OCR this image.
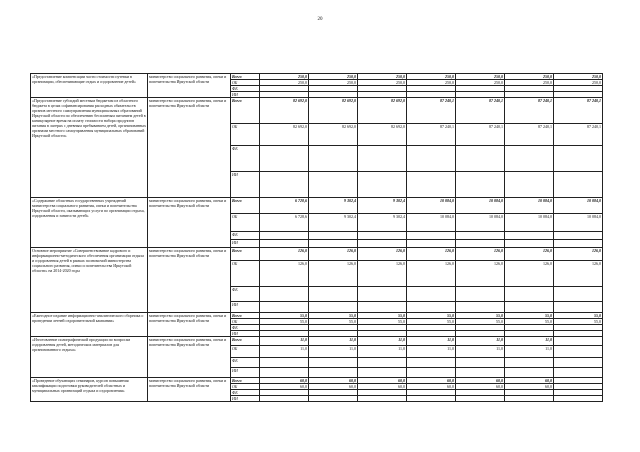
20
«Предоставление компенсации части стоимости путевки в организации, обеспечивающие отдых и оздоровление детей»	министерство социального развития, опеки и попечительства Иркутской области	Всего	250,0	250,0	250,0	250,0	250,0	250,0	250,0
		ОБ	250,0	250,0	250,0	250,0	250,0	250,0	250,0
		ФБ							
		ИИ							
«Предоставление субсидий местным бюджетам из областного бюджета в целях софинансирования расходных обязательств органов местного самоуправления муниципальных образований Иркутской области по обеспечению бесплатным питанием детей в каникулярное время на оплату стоимости набора продуктов питания в лагерях с дневным пребыванием детей, организованных органами местного самоуправления муниципальных образований Иркутской области»	министерство социального развития, опеки и попечительства Иркутской области	Всего	82 692,0	82 692,0	82 692,0	87 240,1	87 240,1	87 240,1	87 240,1
		ОБ	82 692,0	82 692,0	82 692,0	87 240,1	87 240,1	87 240,1	87 240,1
		ФБ							
		ИИ							
«Содержание областных государственных учреждений министерства социального развития, опеки и попечительства Иркутской области, оказывающих услуги по организации отдыха, оздоровления и занятости детей»	министерство социального развития, опеки и попечительства Иркутской области	Всего	6 728,6	9 302,4	9 302,4	10 084,0	10 084,0	10 084,0	10 084,0
		ОБ	6 728,6	9 302,4	9 302,4	10 084,0	10 084,0	10 084,0	10 084,0
		ФБ							
		ИИ							
Основное мероприятие «Совершенствование кадрового и информационно-методического обеспечения организации отдыха и оздоровления детей в рамках полномочий министерства социального развития, опеки и попечительства Иркутской области» на 2014-2020 годы	министерство социального развития, опеки и попечительства Иркутской области	Всего	126,0	126,0	126,0	126,0	126,0	126,0	126,0
		ОБ	126,0	126,0	126,0	126,0	126,0	126,0	126,0
		ФБ							
		ИИ							
«Ежегодное издание информационно-аналитического сборника о проведении летней оздоровительной кампании»	министерство социального развития, опеки и попечительства Иркутской области	Всего	55,0	55,0	55,0	55,0	55,0	55,0	55,0
		ОБ	55,0	55,0	55,0	55,0	55,0	55,0	55,0
		ФБ							
		ИИ							
«Изготовление полиграфической продукции по вопросам оздоровления детей, методических материалов для организованного отдыха»	министерство социального развития, опеки и попечительства Иркутской области	Всего	11,0	11,0	11,0	11,0	11,0	11,0	
		ОБ	11,0	11,0	11,0	11,0	11,0	11,0	
		ФБ							
		ИИ							
«Проведение обучающих семинаров, курсов повышения квалификации подготовки руководителей областных и муниципальных организаций отдыха и оздоровления»	министерство социального развития, опеки и попечительства Иркутской области	Всего	60,0	60,0	60,0	60,0	60,0	60,0	
		ОБ	60,0	60,0	60,0	60,0	60,0	60,0	
		ФБ							
		ИИ							
